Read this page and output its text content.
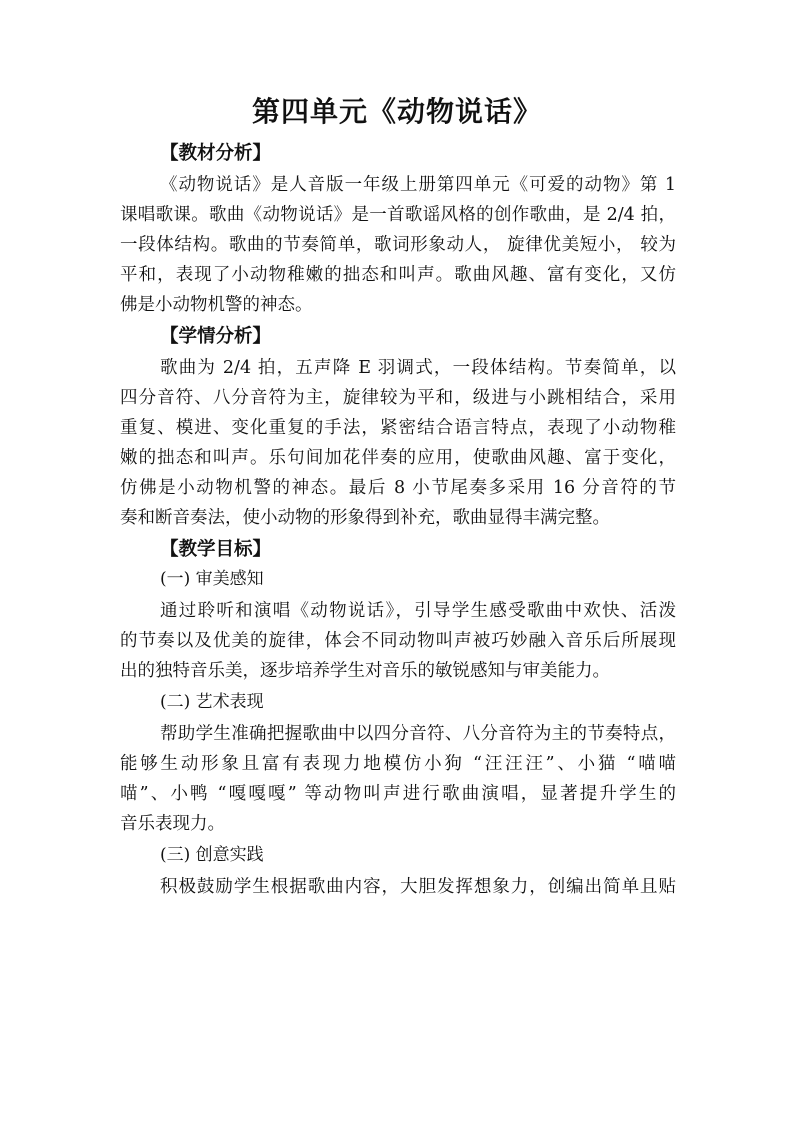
第四单元《动物说话》
【教材分析】
《动物说话》是人音版一年级上册第四单元《可爱的动物》第 1
课唱歌课。歌曲《动物说话》是一首歌谣风格的创作歌曲，是 2/4 拍，
一段体结构。歌曲的节奏简单，歌词形象动人， 旋律优美短小， 较为
平和，表现了小动物稚嫩的拙态和叫声。歌曲风趣、富有变化，又仿
佛是小动物机警的神态。
【学情分析】
歌曲为 2/4 拍，五声降 E 羽调式，一段体结构。节奏简单，以
四分音符、八分音符为主，旋律较为平和，级进与小跳相结合，采用
重复、模进、变化重复的手法，紧密结合语言特点，表现了小动物稚
嫩的拙态和叫声。乐句间加花伴奏的应用，使歌曲风趣、富于变化，
仿佛是小动物机警的神态。最后 8 小节尾奏多采用 16 分音符的节
奏和断音奏法，使小动物的形象得到补充，歌曲显得丰满完整。
【教学目标】
(一) 审美感知
通过聆听和演唱《动物说话》，引导学生感受歌曲中欢快、活泼
的节奏以及优美的旋律，体会不同动物叫声被巧妙融入音乐后所展现
出的独特音乐美，逐步培养学生对音乐的敏锐感知与审美能力。
(二) 艺术表现
帮助学生准确把握歌曲中以四分音符、八分音符为主的节奏特点，
能够生动形象且富有表现力地模仿小狗 “汪汪汪”、小猫 “喵喵
喵”、小鸭 “嘎嘎嘎” 等动物叫声进行歌曲演唱，显著提升学生的
音乐表现力。
(三) 创意实践
积极鼓励学生根据歌曲内容，大胆发挥想象力，创编出简单且贴
